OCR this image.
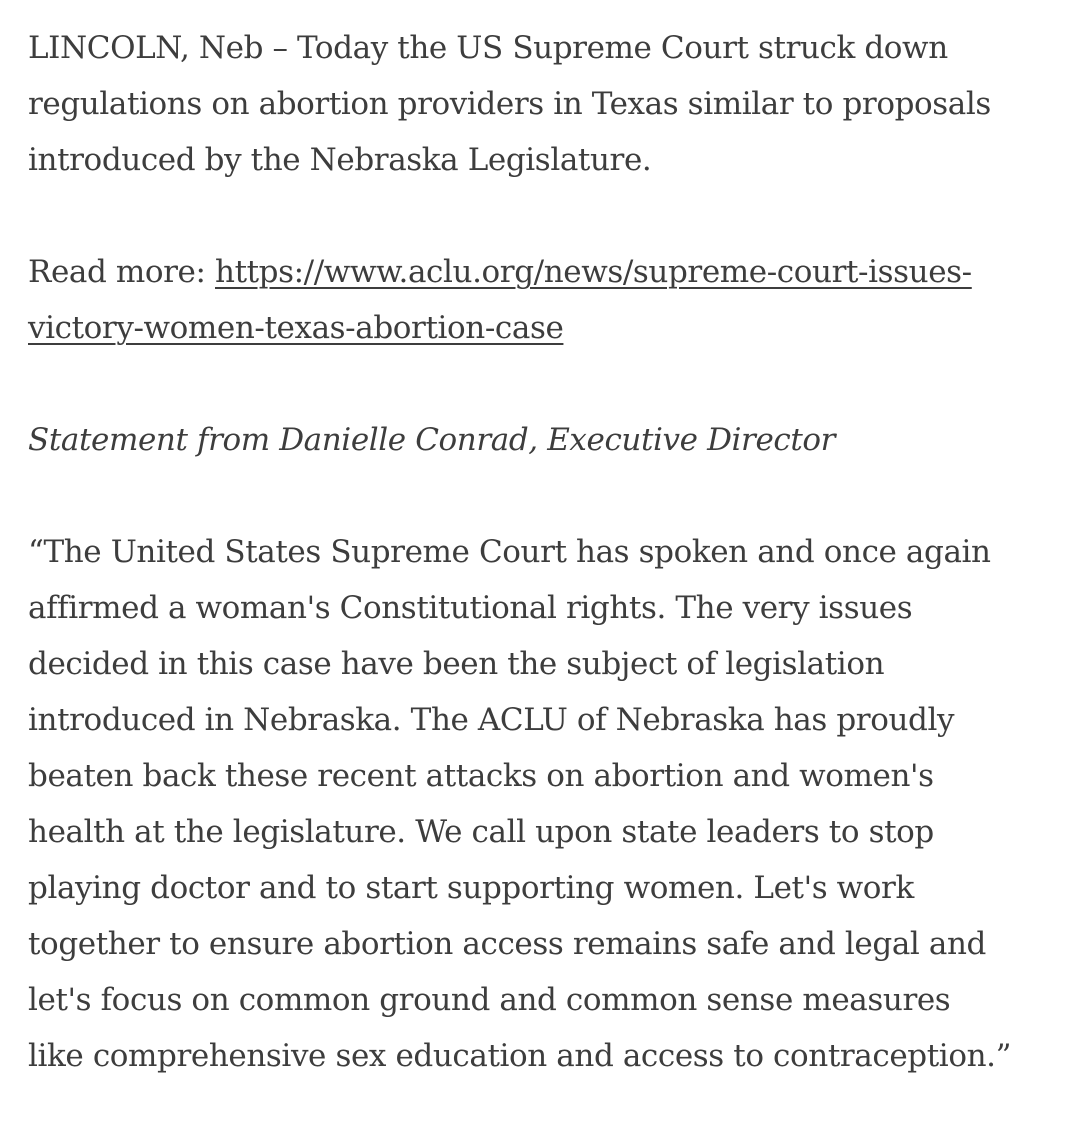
LINCOLN, Neb – Today the US Supreme Court struck down
regulations on abortion providers in Texas similar to proposals
introduced by the Nebraska Legislature.

Read more: https://www.aclu.org/news/supreme-court-issues-
victory-women-texas-abortion-case

Statement from Danielle Conrad, Executive Director

“The United States Supreme Court has spoken and once again
affirmed a woman's Constitutional rights. The very issues
decided in this case have been the subject of legislation
introduced in Nebraska. The ACLU of Nebraska has proudly
beaten back these recent attacks on abortion and women's
health at the legislature. We call upon state leaders to stop
playing doctor and to start supporting women. Let's work
together to ensure abortion access remains safe and legal and
let's focus on common ground and common sense measures
like comprehensive sex education and access to contraception.”
